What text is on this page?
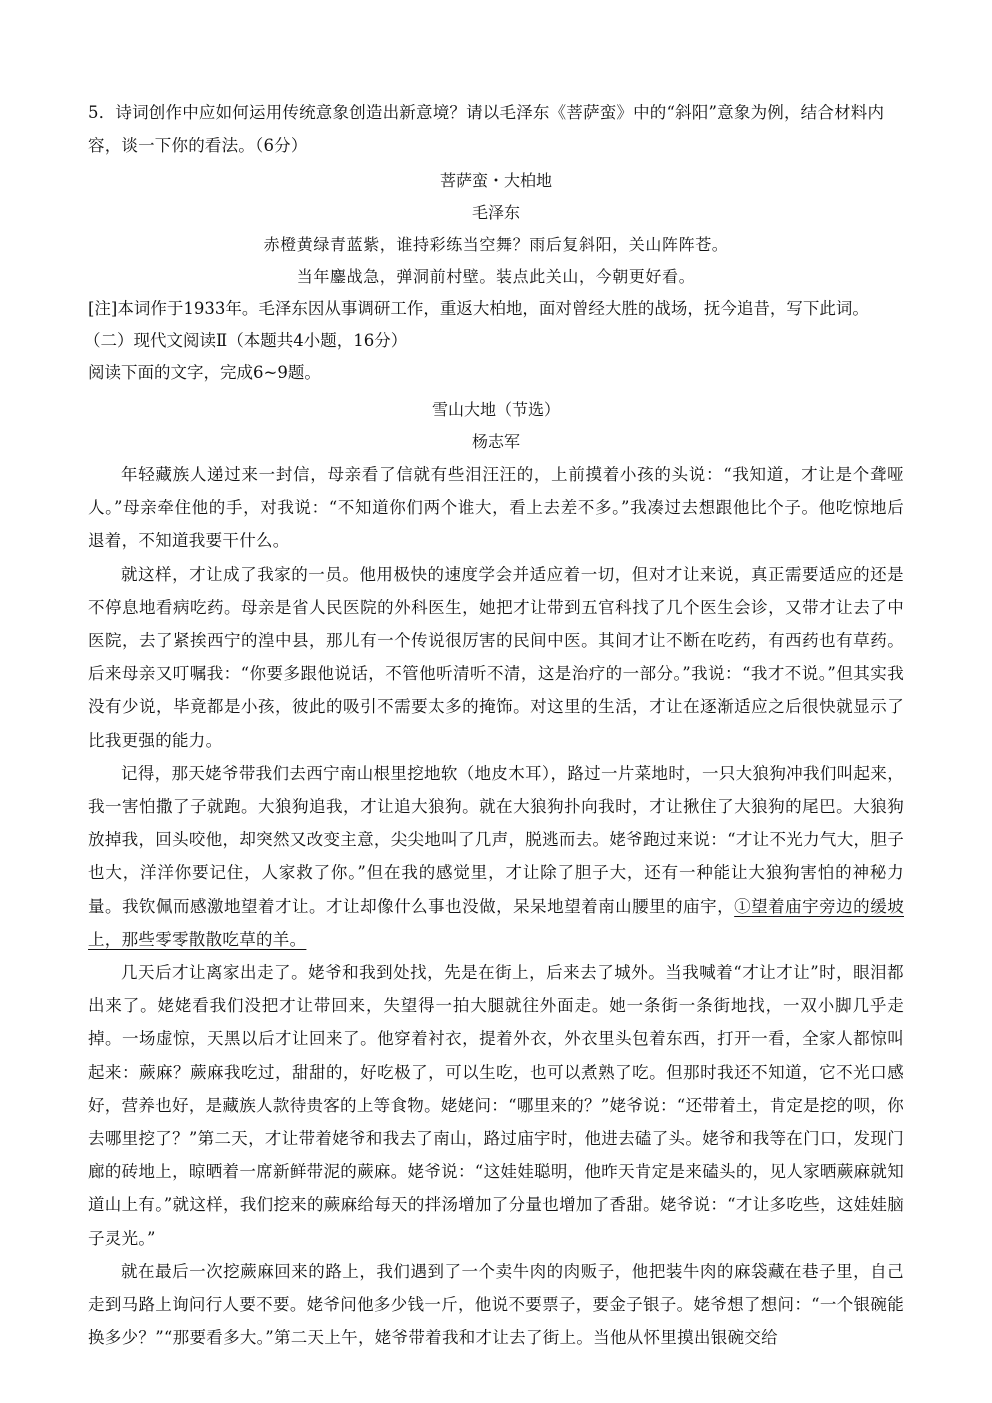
5．诗词创作中应如何运用传统意象创造出新意境？请以毛泽东《菩萨蛮》中的“斜阳”意象为例，结合材料内容，谈一下你的看法。（6分）

菩萨蛮・大柏地

毛泽东

赤橙黄绿青蓝紫，谁持彩练当空舞？雨后复斜阳，关山阵阵苍。

当年鏖战急，弹洞前村壁。装点此关山，今朝更好看。

[注]本词作于1933年。毛泽东因从事调研工作，重返大柏地，面对曾经大胜的战场，抚今追昔，写下此词。

（二）现代文阅读Ⅱ（本题共4小题，16分）

阅读下面的文字，完成6~9题。

雪山大地（节选）

杨志军

年轻藏族人递过来一封信，母亲看了信就有些泪汪汪的，上前摸着小孩的头说：“我知道，才让是个聋哑人。”母亲牵住他的手，对我说：“不知道你们两个谁大，看上去差不多。”我凑过去想跟他比个子。他吃惊地后退着，不知道我要干什么。

就这样，才让成了我家的一员。他用极快的速度学会并适应着一切，但对才让来说，真正需要适应的还是不停息地看病吃药。母亲是省人民医院的外科医生，她把才让带到五官科找了几个医生会诊，又带才让去了中医院，去了紧挨西宁的湟中县，那儿有一个传说很厉害的民间中医。其间才让不断在吃药，有西药也有草药。后来母亲又叮嘱我：“你要多跟他说话，不管他听清听不清，这是治疗的一部分。”我说：“我才不说。”但其实我没有少说，毕竟都是小孩，彼此的吸引不需要太多的掩饰。对这里的生活，才让在逐渐适应之后很快就显示了比我更强的能力。

记得，那天姥爷带我们去西宁南山根里挖地软（地皮木耳），路过一片菜地时，一只大狼狗冲我们叫起来，我一害怕撒了子就跑。大狼狗追我，才让追大狼狗。就在大狼狗扑向我时，才让揪住了大狼狗的尾巴。大狼狗放掉我，回头咬他，却突然又改变主意，尖尖地叫了几声，脱逃而去。姥爷跑过来说：“才让不光力气大，胆子也大，洋洋你要记住，人家救了你。”但在我的感觉里，才让除了胆子大，还有一种能让大狼狗害怕的神秘力量。我钦佩而感激地望着才让。才让却像什么事也没做，呆呆地望着南山腰里的庙宇，①望着庙宇旁边的缓坡上，那些零零散散吃草的羊。

几天后才让离家出走了。姥爷和我到处找，先是在街上，后来去了城外。当我喊着“才让才让”时，眼泪都出来了。姥姥看我们没把才让带回来，失望得一拍大腿就往外面走。她一条街一条街地找，一双小脚几乎走掉。一场虚惊，天黑以后才让回来了。他穿着衬衣，提着外衣，外衣里头包着东西，打开一看，全家人都惊叫起来：蕨麻？蕨麻我吃过，甜甜的，好吃极了，可以生吃，也可以煮熟了吃。但那时我还不知道，它不光口感好，营养也好，是藏族人款待贵客的上等食物。姥姥问：“哪里来的？”姥爷说：“还带着土，肯定是挖的呗，你去哪里挖了？”第二天，才让带着姥爷和我去了南山，路过庙宇时，他进去磕了头。姥爷和我等在门口，发现门廊的砖地上，晾晒着一席新鲜带泥的蕨麻。姥爷说：“这娃娃聪明，他昨天肯定是来磕头的，见人家晒蕨麻就知道山上有。”就这样，我们挖来的蕨麻给每天的拌汤增加了分量也增加了香甜。姥爷说：“才让多吃些，这娃娃脑子灵光。”

就在最后一次挖蕨麻回来的路上，我们遇到了一个卖牛肉的肉贩子，他把装牛肉的麻袋藏在巷子里，自己走到马路上询问行人要不要。姥爷问他多少钱一斤，他说不要票子，要金子银子。姥爷想了想问：“一个银碗能换多少？”“那要看多大。”第二天上午，姥爷带着我和才让去了街上。当他从怀里摸出银碗交给
